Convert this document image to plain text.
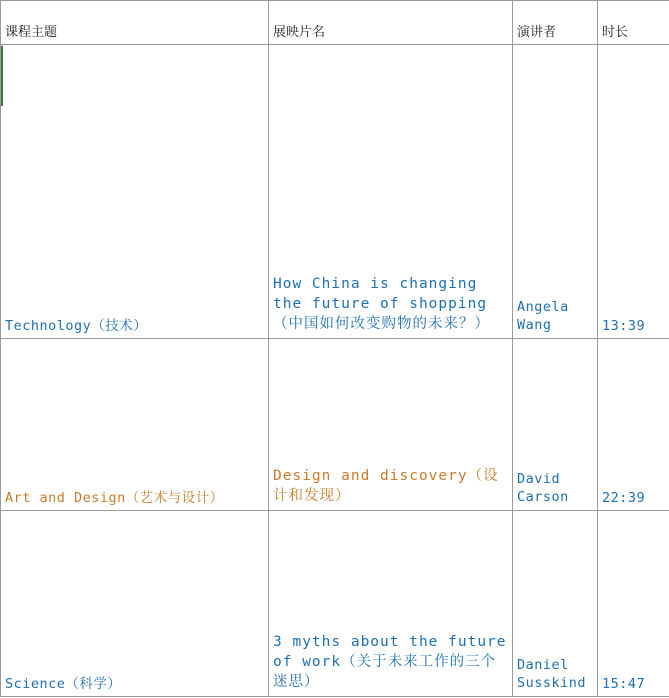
课程主题	展映片名	演讲者	时长
Technology（技术）	How China is changing the future of shopping（中国如何改变购物的未来？）	Angela Wang	13:39
Art and Design（艺术与设计）	Design and discovery（设计和发现）	David Carson	22:39
Science（科学）	3 myths about the future of work（关于未来工作的三个迷思）	Daniel Susskind	15:47
